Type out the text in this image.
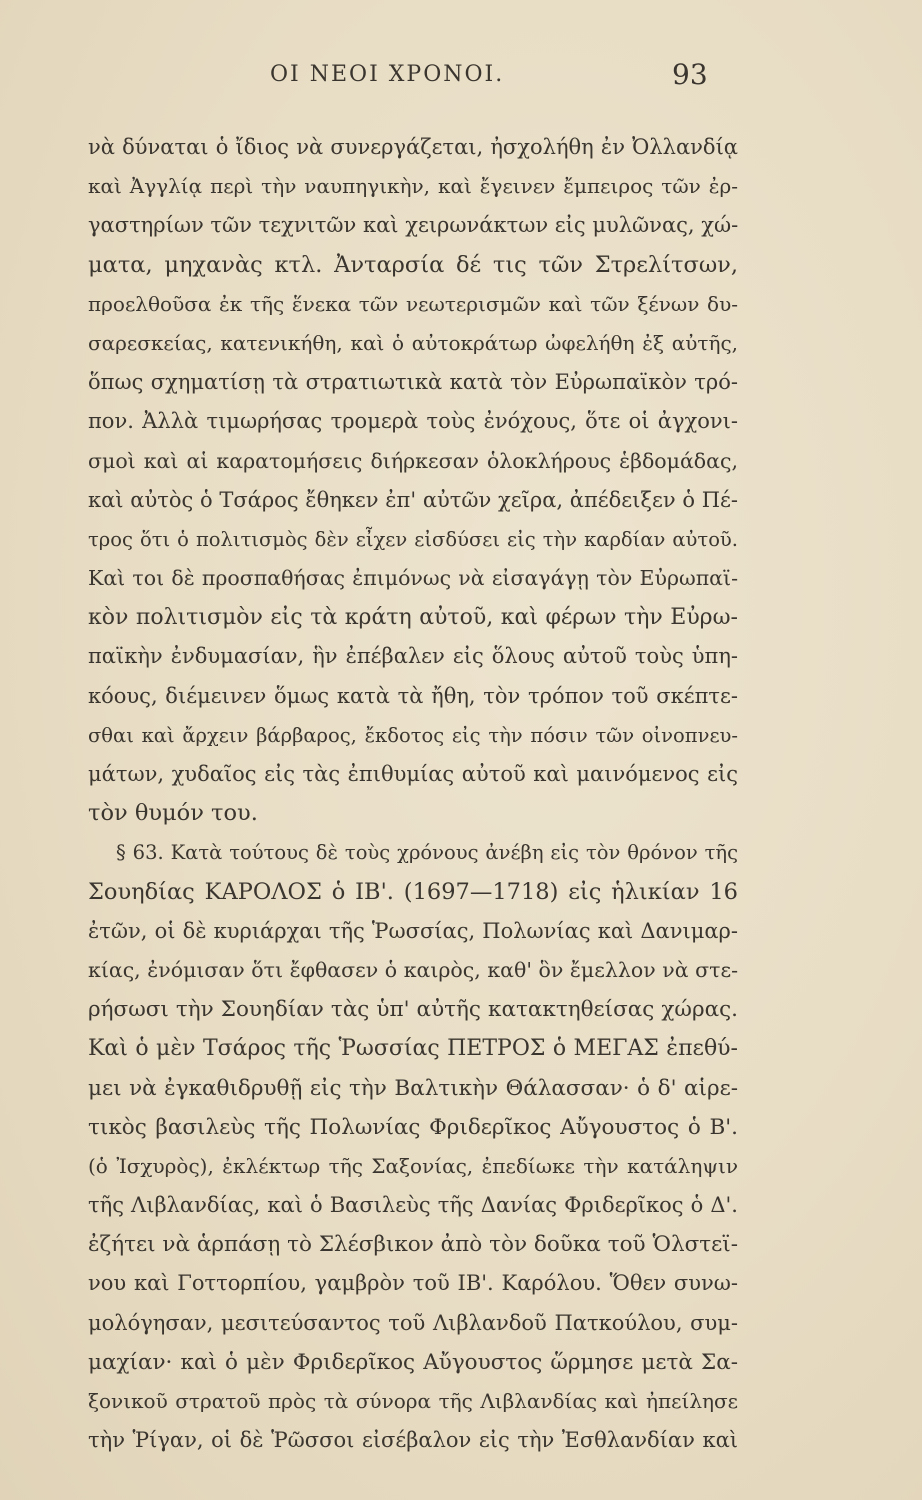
ΟΙ ΝΕΟΙ ΧΡΟΝΟΙ.	93
νὰ δύναται ὁ ἴδιος νὰ συνεργάζεται, ἠσχολήθη ἐν Ὀλλανδίᾳ
καὶ Ἀγγλίᾳ περὶ τὴν ναυπηγικὴν, καὶ ἔγεινεν ἔμπειρος τῶν ἐρ-
γαστηρίων τῶν τεχνιτῶν καὶ χειρωνάκτων εἰς μυλῶνας, χώ-
ματα, μηχανὰς κτλ. Ἀνταρσία δέ τις τῶν Στρελίτσων,
προελθοῦσα ἐκ τῆς ἕνεκα τῶν νεωτερισμῶν καὶ τῶν ξένων δυ-
σαρεσκείας, κατενικήθη, καὶ ὁ αὐτοκράτωρ ὠφελήθη ἐξ αὐτῆς,
ὅπως σχηματίσῃ τὰ στρατιωτικὰ κατὰ τὸν Εὐρωπαϊκὸν τρό-
πον. Ἀλλὰ τιμωρήσας τρομερὰ τοὺς ἐνόχους, ὅτε οἱ ἀγχονι-
σμοὶ καὶ αἱ καρατομήσεις διήρκεσαν ὁλοκλήρους ἑβδομάδας,
καὶ αὐτὸς ὁ Τσάρος ἔθηκεν ἐπ' αὐτῶν χεῖρα, ἀπέδειξεν ὁ Πέ-
τρος ὅτι ὁ πολιτισμὸς δὲν εἶχεν εἰσδύσει εἰς τὴν καρδίαν αὐτοῦ.
Καὶ τοι δὲ προσπαθήσας ἐπιμόνως νὰ εἰσαγάγῃ τὸν Εὐρωπαϊ-
κὸν πολιτισμὸν εἰς τὰ κράτη αὐτοῦ, καὶ φέρων τὴν Εὐρω-
παϊκὴν ἐνδυμασίαν, ἣν ἐπέβαλεν εἰς ὅλους αὐτοῦ τοὺς ὑπη-
κόους, διέμεινεν ὅμως κατὰ τὰ ἤθη, τὸν τρόπον τοῦ σκέπτε-
σθαι καὶ ἄρχειν βάρβαρος, ἔκδοτος εἰς τὴν πόσιν τῶν οἰνοπνευ-
μάτων, χυδαῖος εἰς τὰς ἐπιθυμίας αὐτοῦ καὶ μαινόμενος εἰς
τὸν θυμόν του.
§ 63. Κατὰ τούτους δὲ τοὺς χρόνους ἀνέβη εἰς τὸν θρόνον τῆς
Σουηδίας ΚΑΡΟΛΟΣ ὁ ΙΒ'. (1697—1718) εἰς ἡλικίαν 16
ἐτῶν, οἱ δὲ κυριάρχαι τῆς Ῥωσσίας, Πολωνίας καὶ Δανιμαρ-
κίας, ἐνόμισαν ὅτι ἔφθασεν ὁ καιρὸς, καθ' ὃν ἔμελλον νὰ στε-
ρήσωσι τὴν Σουηδίαν τὰς ὑπ' αὐτῆς κατακτηθείσας χώρας.
Καὶ ὁ μὲν Τσάρος τῆς Ῥωσσίας ΠΕΤΡΟΣ ὁ ΜΕΓΑΣ ἐπεθύ-
μει νὰ ἐγκαθιδρυθῇ εἰς τὴν Βαλτικὴν Θάλασσαν· ὁ δ' αἱρε-
τικὸς βασιλεὺς τῆς Πολωνίας Φριδερῖκος Αὔγουστος ὁ Β'.
(ὁ Ἰσχυρὸς), ἐκλέκτωρ τῆς Σαξονίας, ἐπεδίωκε τὴν κατάληψιν
τῆς Λιβλανδίας, καὶ ὁ Βασιλεὺς τῆς Δανίας Φριδερῖκος ὁ Δ'.
ἐζήτει νὰ ἁρπάσῃ τὸ Σλέσβικον ἀπὸ τὸν δοῦκα τοῦ Ὁλστεϊ-
νου καὶ Γοττορπίου, γαμβρὸν τοῦ ΙΒ'. Καρόλου. Ὅθεν συνω-
μολόγησαν, μεσιτεύσαντος τοῦ Λιβλανδοῦ Πατκούλου, συμ-
μαχίαν· καὶ ὁ μὲν Φριδερῖκος Αὔγουστος ὥρμησε μετὰ Σα-
ξονικοῦ στρατοῦ πρὸς τὰ σύνορα τῆς Λιβλανδίας καὶ ἠπείλησε
τὴν Ῥίγαν, οἱ δὲ Ῥῶσσοι εἰσέβαλον εἰς τὴν Ἐσθλανδίαν καὶ
